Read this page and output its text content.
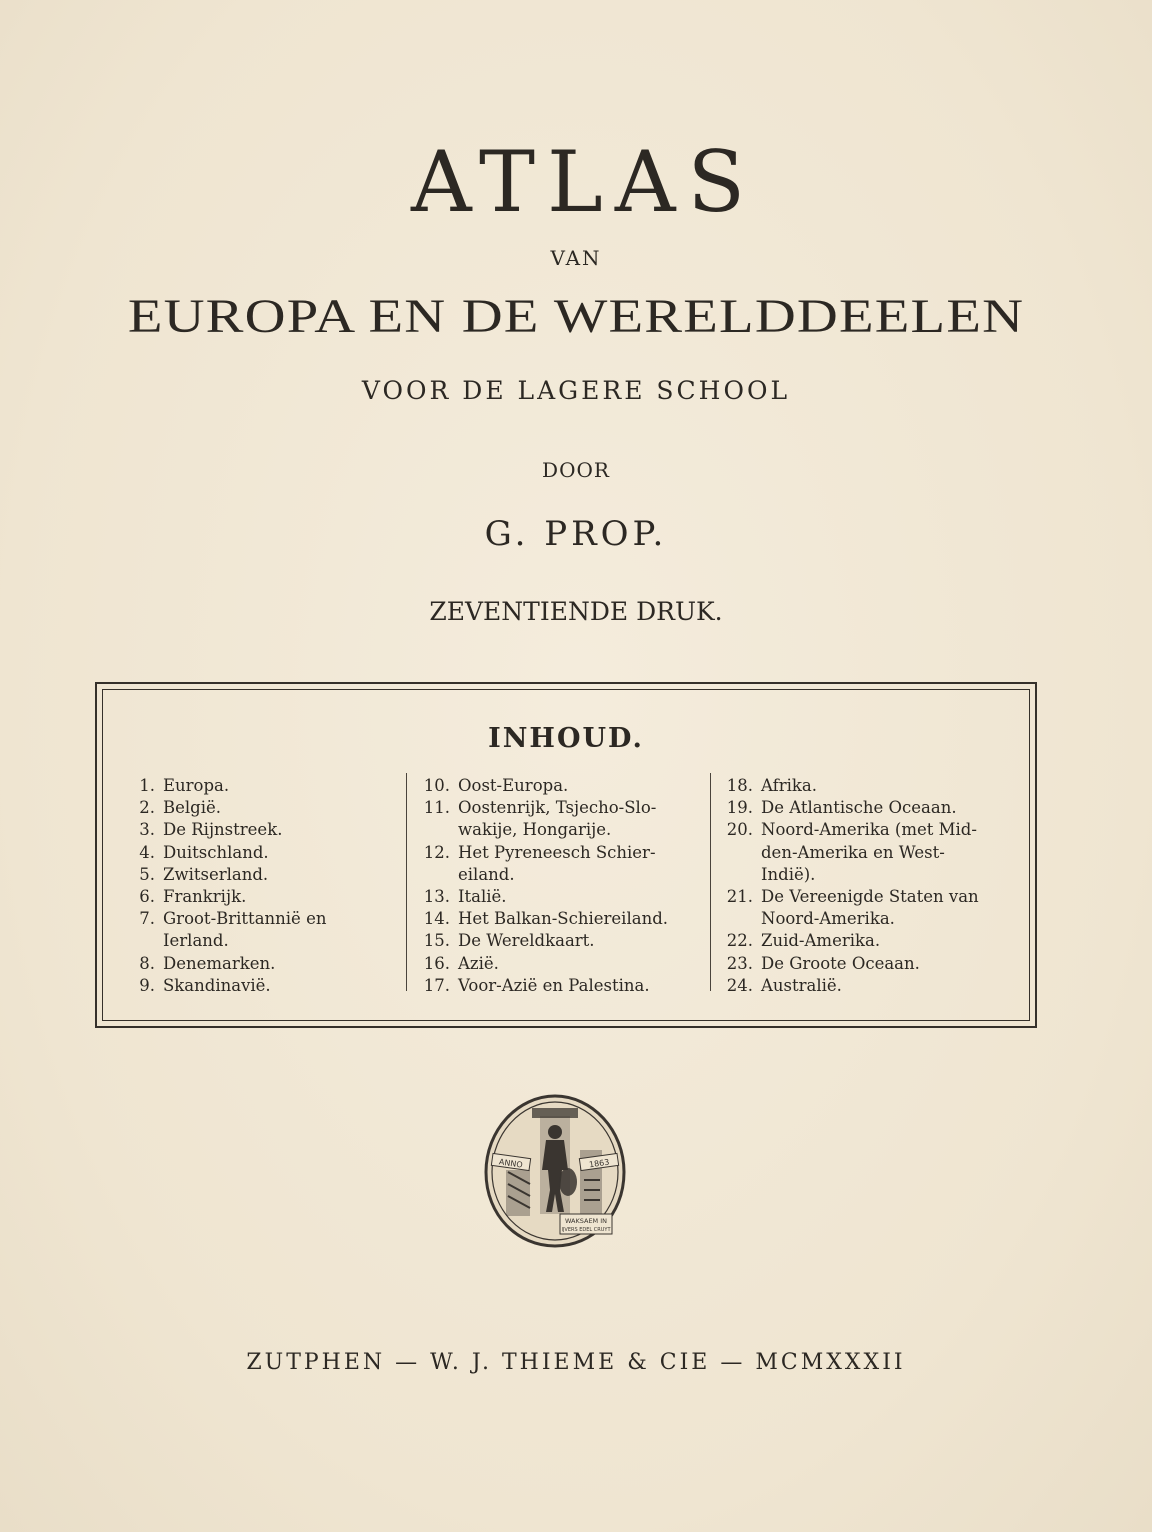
ATLAS
VAN
EUROPA EN DE WERELDDEELEN
VOOR DE LAGERE SCHOOL
DOOR
G. PROP.
ZEVENTIENDE DRUK.
INHOUD.
1. Europa.
2. België.
3. De Rijnstreek.
4. Duitschland.
5. Zwitserland.
6. Frankrijk.
7. Groot-Brittannië en
Ierland.
8. Denemarken.
9. Skandinavië.
10. Oost-Europa.
11. Oostenrijk, Tsjecho-Slo-
wakije, Hongarije.
12. Het Pyreneesch Schier-
eiland.
13. Italië.
14. Het Balkan-Schiereiland.
15. De Wereldkaart.
16. Azië.
17. Voor-Azië en Palestina.
18. Afrika.
19. De Atlantische Oceaan.
20. Noord-Amerika (met Mid-
den-Amerika en West-
Indië).
21. De Vereenigde Staten van
Noord-Amerika.
22. Zuid-Amerika.
23. De Groote Oceaan.
24. Australië.
ANNO	1863
WAKSAEM IN
IJVERS EDEL CRUYT
ZUTPHEN — W. J. THIEME & CIE — MCMXXXII
